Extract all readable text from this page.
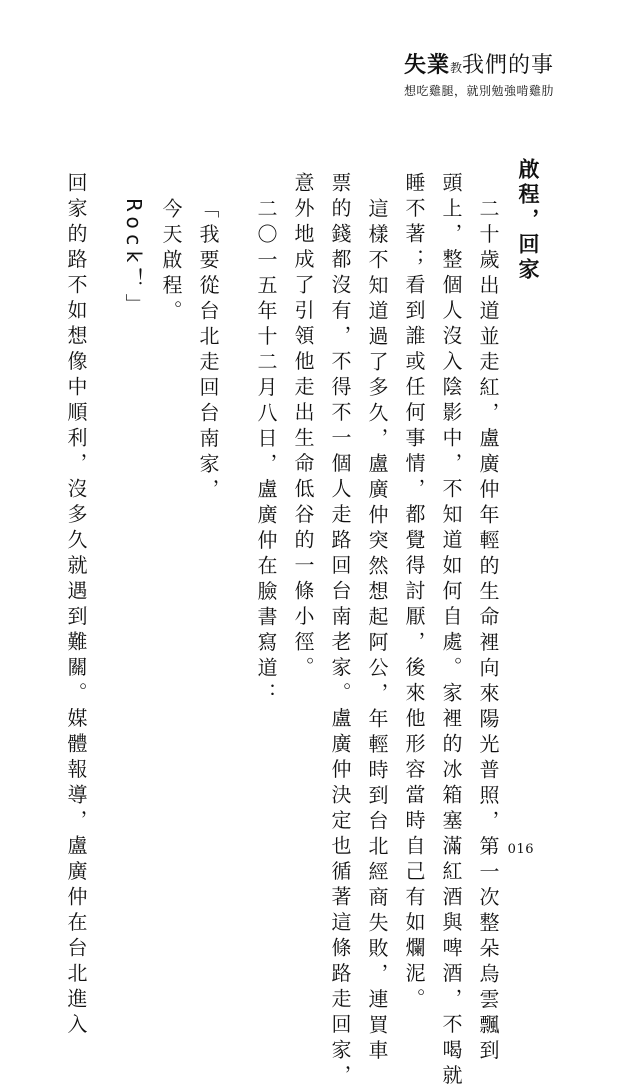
失業教我們的事
想吃雞腿，就別勉強啃雞肋
啟程，回家
二十歲出道並走紅，盧廣仲年輕的生命裡向來陽光普照，第一次整朵烏雲飄到
頭上，整個人沒入陰影中，不知道如何自處。家裡的冰箱塞滿紅酒與啤酒，不喝就
睡不著；看到誰或任何事情，都覺得討厭，後來他形容當時自己有如爛泥。
這樣不知道過了多久，盧廣仲突然想起阿公，年輕時到台北經商失敗，連買車
票的錢都沒有，不得不一個人走路回台南老家。盧廣仲決定也循著這條路走回家，
意外地成了引領他走出生命低谷的一條小徑。
二〇一五年十二月八日，盧廣仲在臉書寫道：
「我要從台北走回台南家，
今天啟程。
Rock！」
回家的路不如想像中順利，沒多久就遇到難關。媒體報導，盧廣仲在台北進入	016
